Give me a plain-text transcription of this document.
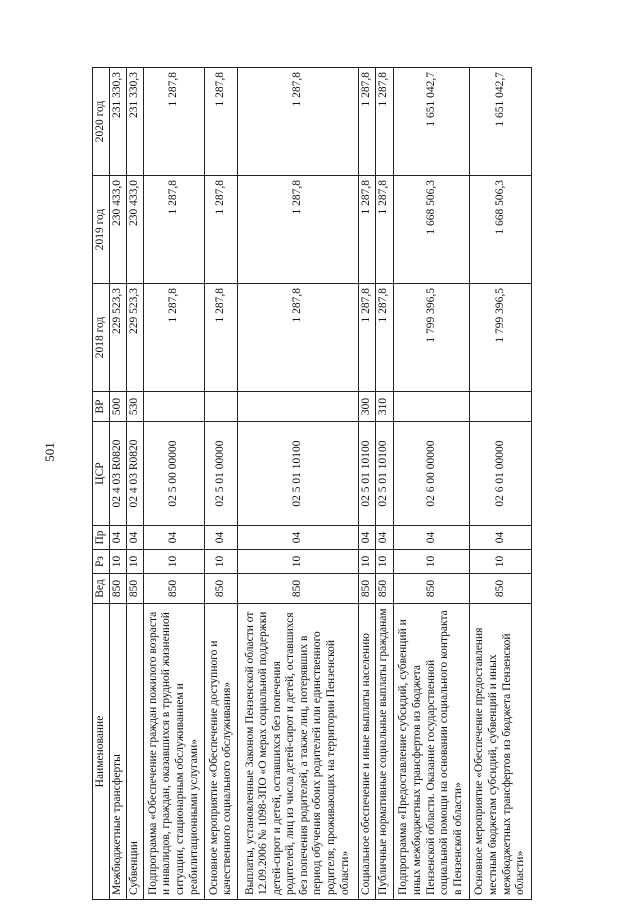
501
Наименование	Вед	Рз	Пр	ЦСР	ВР	2018 год	2019 год	2020 год
Межбюджетные трансферты	850	10	04	02 4 03 R0820	500	229 523,3	230 433,0	231 330,3
Субвенции	850	10	04	02 4 03 R0820	530	229 523,3	230 433,0	231 330,3
Подпрограмма «Обеспечение граждан пожилого возраста и инвалидов, граждан, оказавшихся в трудной жизненной ситуации, стационарным обслуживанием и реабилитационными услугами»	850	10	04	02 5 00 00000		1 287,8	1 287,8	1 287,8
Основное мероприятие «Обеспечение доступного и качественного социального обслуживания»	850	10	04	02 5 01 00000		1 287,8	1 287,8	1 287,8
Выплаты, установленные Законом Пензенской области от 12.09.2006 № 1098-ЗПО «О мерах социальной поддержки детей-сирот и детей, оставшихся без попечения родителей, лиц из числа детей-сирот и детей, оставшихся без попечения родителей, а также лиц, потерявших в период обучения обоих родителей или единственного родителя, проживающих на территории Пензенской области»	850	10	04	02 5 01 10100		1 287,8	1 287,8	1 287,8
Социальное обеспечение и иные выплаты населению	850	10	04	02 5 01 10100	300	1 287,8	1 287,8	1 287,8
Публичные нормативные социальные выплаты гражданам	850	10	04	02 5 01 10100	310	1 287,8	1 287,8	1 287,8
Подпрограмма «Предоставление субсидий, субвенций и иных межбюджетных трансфертов из бюджета Пензенской области. Оказание государственной социальной помощи на основании социального контракта в Пензенской области»	850	10	04	02 6 00 00000		1 799 396,5	1 668 506,3	1 651 042,7
Основное мероприятие «Обеспечение предоставления местным бюджетам субсидий, субвенций и иных межбюджетных трансфертов из бюджета Пензенской области»	850	10	04	02 6 01 00000		1 799 396,5	1 668 506,3	1 651 042,7
